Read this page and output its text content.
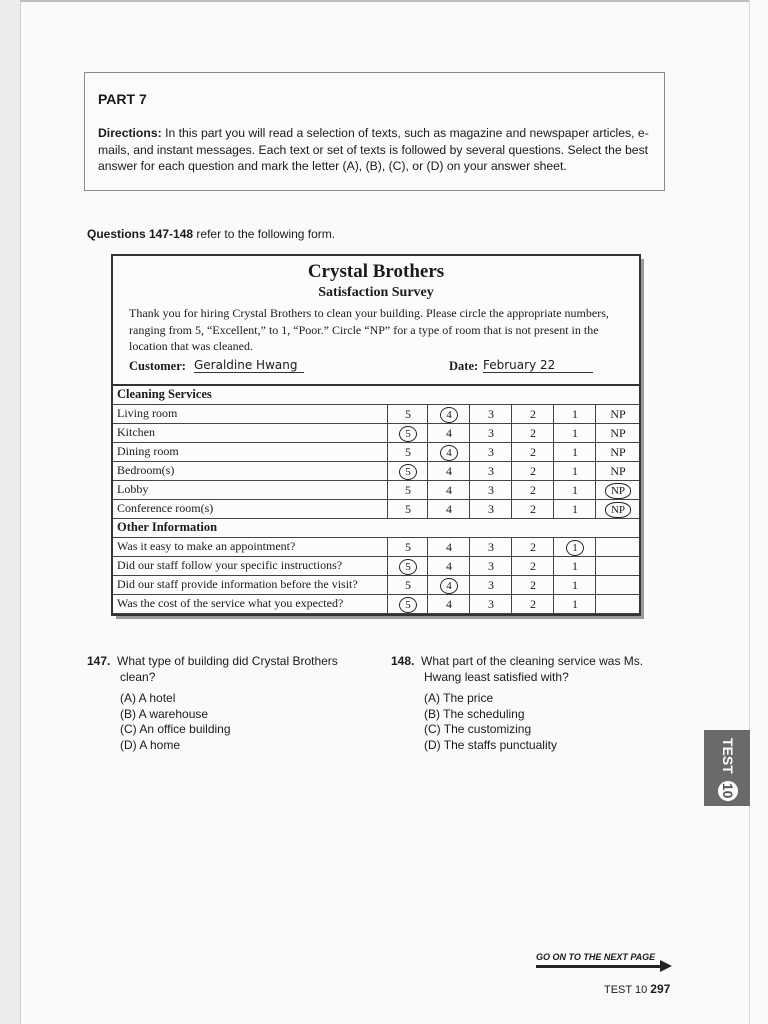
PART 7
Directions: In this part you will read a selection of texts, such as magazine and newspaper articles, e-mails, and instant messages. Each text or set of texts is followed by several questions. Select the best answer for each question and mark the letter (A), (B), (C), or (D) on your answer sheet.
Questions 147-148 refer to the following form.
Crystal Brothers
Satisfaction Survey
Thank you for hiring Crystal Brothers to clean your building. Please circle the appropriate numbers, ranging from 5, “Excellent,” to 1, “Poor.” Circle “NP” for a type of room that is not present in the location that was cleaned.
Customer: Geraldine Hwang	Date: February 22
Cleaning Services
Living room	5	4	3	2	1	NP
Kitchen	5	4	3	2	1	NP
Dining room	5	4	3	2	1	NP
Bedroom(s)	5	4	3	2	1	NP
Lobby	5	4	3	2	1	NP
Conference room(s)	5	4	3	2	1	NP
Other Information
Was it easy to make an appointment?	5	4	3	2	1
Did our staff follow your specific instructions?	5	4	3	2	1
Did our staff provide information before the visit?	5	4	3	2	1
Was the cost of the service what you expected?	5	4	3	2	1
147. What type of building did Crystal Brothers clean?
(A) A hotel
(B) A warehouse
(C) An office building
(D) A home
148. What part of the cleaning service was Ms. Hwang least satisfied with?
(A) The price
(B) The scheduling
(C) The customizing
(D) The staffs punctuality	TEST 10
GO ON TO THE NEXT PAGE
TEST 10 297
